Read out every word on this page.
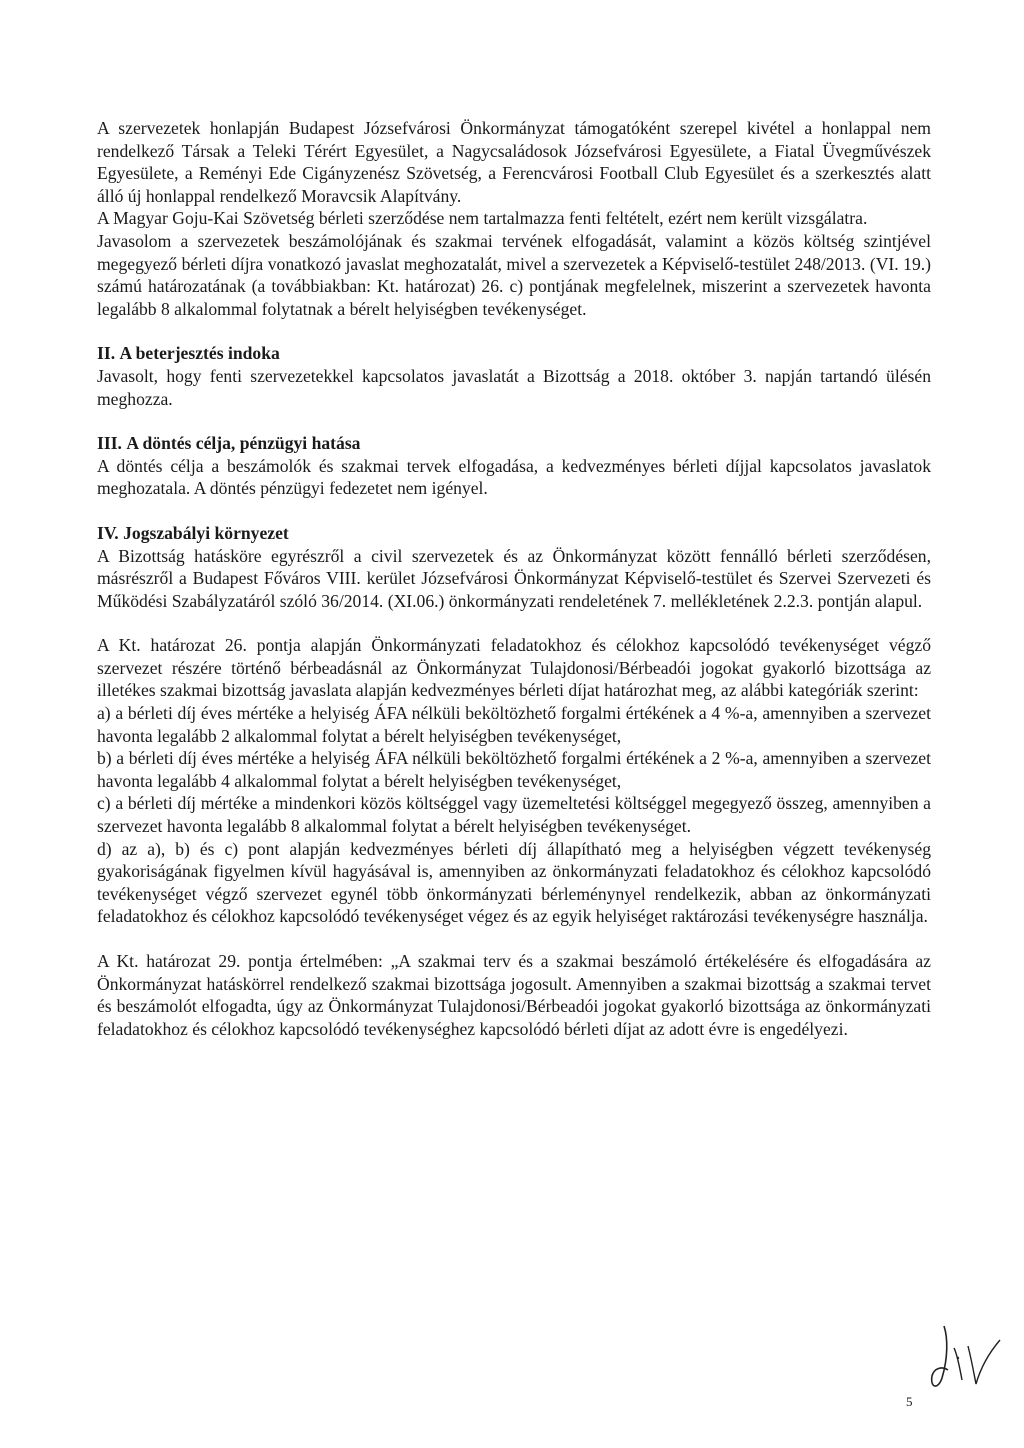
A szervezetek honlapján Budapest Józsefvárosi Önkormányzat támogatóként szerepel kivétel a honlappal nem rendelkező Társak a Teleki Térért Egyesület, a Nagycsaládosok Józsefvárosi Egyesülete, a Fiatal Üvegművészek Egyesülete, a Reményi Ede Cigányzenész Szövetség, a Ferencvárosi Football Club Egyesület és a szerkesztés alatt álló új honlappal rendelkező Moravcsik Alapítvány.

A Magyar Goju-Kai Szövetség bérleti szerződése nem tartalmazza fenti feltételt, ezért nem került vizsgálatra.

Javasolom a szervezetek beszámolójának és szakmai tervének elfogadását, valamint a közös költség szintjével megegyező bérleti díjra vonatkozó javaslat meghozatalát, mivel a szervezetek a Képviselő-testület 248/2013. (VI. 19.) számú határozatának (a továbbiakban: Kt. határozat) 26. c) pontjának megfelelnek, miszerint a szervezetek havonta legalább 8 alkalommal folytatnak a bérelt helyiségben tevékenységet.

II. A beterjesztés indoka

Javasolt, hogy fenti szervezetekkel kapcsolatos javaslatát a Bizottság a 2018. október 3. napján tartandó ülésén meghozza.

III. A döntés célja, pénzügyi hatása

A döntés célja a beszámolók és szakmai tervek elfogadása, a kedvezményes bérleti díjjal kapcsolatos javaslatok meghozatala. A döntés pénzügyi fedezetet nem igényel.

IV. Jogszabályi környezet

A Bizottság hatásköre egyrészről a civil szervezetek és az Önkormányzat között fennálló bérleti szerződésen, másrészről a Budapest Főváros VIII. kerület Józsefvárosi Önkormányzat Képviselő-testület és Szervei Szervezeti és Működési Szabályzatáról szóló 36/2014. (XI.06.) önkormányzati rendeletének 7. mellékletének 2.2.3. pontján alapul.

A Kt. határozat 26. pontja alapján Önkormányzati feladatokhoz és célokhoz kapcsolódó tevékenységet végző szervezet részére történő bérbeadásnál az Önkormányzat Tulajdonosi/Bérbeadói jogokat gyakorló bizottsága az illetékes szakmai bizottság javaslata alapján kedvezményes bérleti díjat határozhat meg, az alábbi kategóriák szerint:

a) a bérleti díj éves mértéke a helyiség ÁFA nélküli beköltözhető forgalmi értékének a 4 %-a, amennyiben a szervezet havonta legalább 2 alkalommal folytat a bérelt helyiségben tevékenységet,

b) a bérleti díj éves mértéke a helyiség ÁFA nélküli beköltözhető forgalmi értékének a 2 %-a, amennyiben a szervezet havonta legalább 4 alkalommal folytat a bérelt helyiségben tevékenységet,

c) a bérleti díj mértéke a mindenkori közös költséggel vagy üzemeltetési költséggel megegyező összeg, amennyiben a szervezet havonta legalább 8 alkalommal folytat a bérelt helyiségben tevékenységet.

d) az a), b) és c) pont alapján kedvezményes bérleti díj állapítható meg a helyiségben végzett tevékenység gyakoriságának figyelmen kívül hagyásával is, amennyiben az önkormányzati feladatokhoz és célokhoz kapcsolódó tevékenységet végző szervezet egynél több önkormányzati bérleménynyel rendelkezik, abban az önkormányzati feladatokhoz és célokhoz kapcsolódó tevékenységet végez és az egyik helyiséget raktározási tevékenységre használja.

A Kt. határozat 29. pontja értelmében: „A szakmai terv és a szakmai beszámoló értékelésére és elfogadására az Önkormányzat hatáskörrel rendelkező szakmai bizottsága jogosult. Amennyiben a szakmai bizottság a szakmai tervet és beszámolót elfogadta, úgy az Önkormányzat Tulajdonosi/Bérbeadói jogokat gyakorló bizottsága az önkormányzati feladatokhoz és célokhoz kapcsolódó tevékenységhez kapcsolódó bérleti díjat az adott évre is engedélyezi.

5
